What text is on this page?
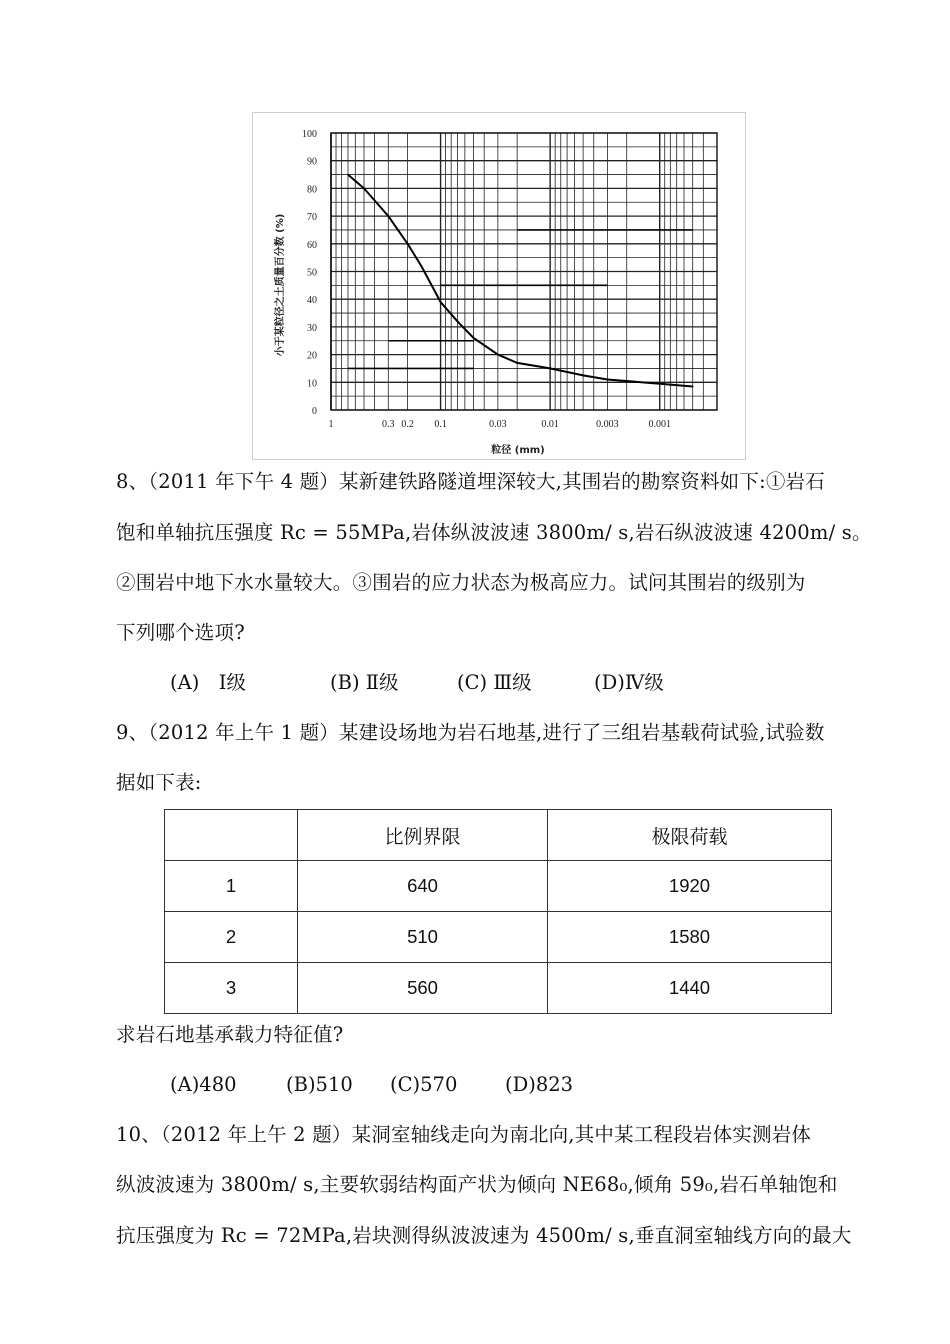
0
10
20
30
40
50
60
70
80
90
100
1	0.3 0.2 0.1	0.03	0.01	0.003	0.001
小于某粒径之土质量百分数 (%)
粒径 (mm)
8、（2011 年下午 4 题）某新建铁路隧道埋深较大,其围岩的勘察资料如下:①岩石
饱和单轴抗压强度 Rc = 55MPa,岩体纵波波速 3800m/ s,岩石纵波波速 4200m/ s。
②围岩中地下水水量较大。③围岩的应力状态为极高应力。试问其围岩的级别为
下列哪个选项?
(A)　Ⅰ级	(B) Ⅱ级	(C) Ⅲ级	(D)Ⅳ级
9、（2012 年上午 1 题）某建设场地为岩石地基,进行了三组岩基载荷试验,试验数
据如下表:
	比例界限	极限荷载
1	640	1920
2	510	1580
3	560	1440
求岩石地基承载力特征值?
(A)480	(B)510 (C)570 (D)823
10、（2012 年上午 2 题）某洞室轴线走向为南北向,其中某工程段岩体实测岩体
纵波波速为 3800m/ s,主要软弱结构面产状为倾向 NE68₀,倾角 59₀,岩石单轴饱和
抗压强度为 Rc = 72MPa,岩块测得纵波波速为 4500m/ s,垂直洞室轴线方向的最大
